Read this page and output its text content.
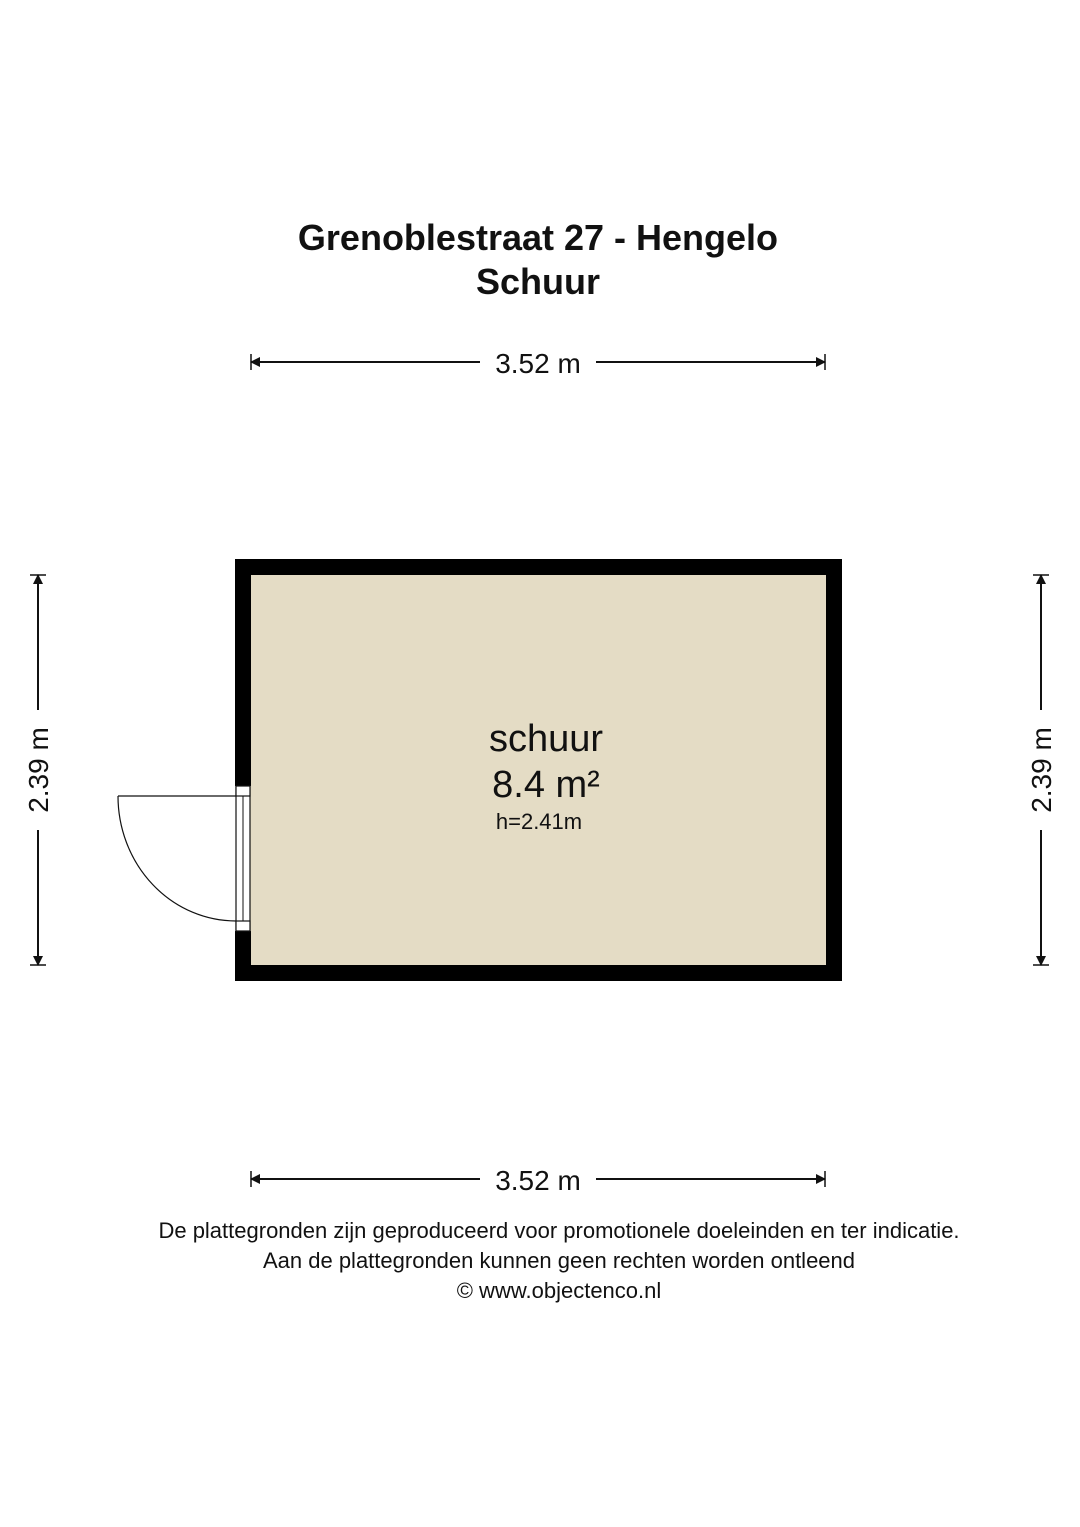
Grenoblestraat 27 - Hengelo
Schuur
3.52 m
3.52 m
2.39 m	2.39 m
schuur
8.4 m²
h=2.41m

De plattegronden zijn geproduceerd voor promotionele doeleinden en ter indicatie.

Aan de plattegronden kunnen geen rechten worden ontleend

© www.objectenco.nl
